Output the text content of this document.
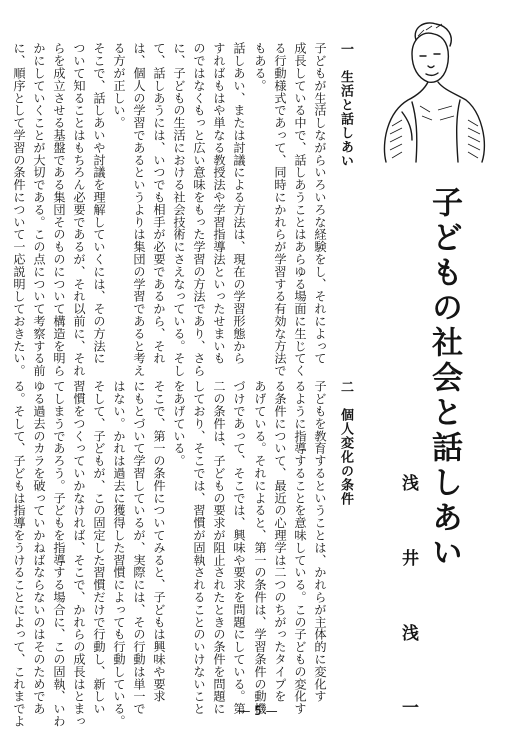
子どもの社会と話しあい
浅 井 浅 一
一　生活と話しあい
子どもが生活しながらいろいろな経験をし、それによって
成長している中で、話しあうことはあらゆる場面に生じてく
る行動様式であって、同時にかれらが学習する有効な方法で
もある。
話しあい、または討議による方法は、現在の学習形態から
すればもはや単なる教授法や学習指導法といったせまいも
のではなくもっと広い意味をもった学習の方法であり、さら
に、子どもの生活における社会技術にさえなっている。そし
て、話しあうには、いつでも相手が必要であるから、それ
は、個人の学習であるというよりは集団の学習であると考え
る方が正しい。
そこで、話しあいや討議を理解していくには、その方法に
ついて知ることはもちろん必要であるが、それ以前に、それ
らを成立させる基盤である集団そのものについて構造を明ら
かにしていくことが大切である。この点について考察する前
に、順序として学習の条件について一応説明しておきたい。
二　個人変化の条件
子どもを教育するということは、かれらが主体的に変化す
るように指導することを意味している。この子どもの変化す
る条件について、最近の心理学は二つのちがったタイプを
あげている。それによると、第一の条件は、学習条件の動機
づけであって、そこでは、興味や要求を問題にしている。第
二の条件は、子どもの要求が阻止されたときの条件を問題に
しており、そこでは、習慣が固執されることのいけないこと
をあげている。
そこで、第一の条件についてみると、子どもは興味や要求
にもとづいて学習しているが、実際には、その行動は単一で
はない。かれは過去に獲得した習慣によっても行動している。
そして、子どもが、この固定した習慣だけで行動し、新しい
習慣をつくっていかなければ、そこで、かれらの成長はとまっ
てしまうであろう。子どもを指導する場合に、この固執、いわ
ゆる過去のカラを破っていかねばならないのはそのためであ
る。そして、子どもは指導をうけることによって、これまでよ	— 5 —
